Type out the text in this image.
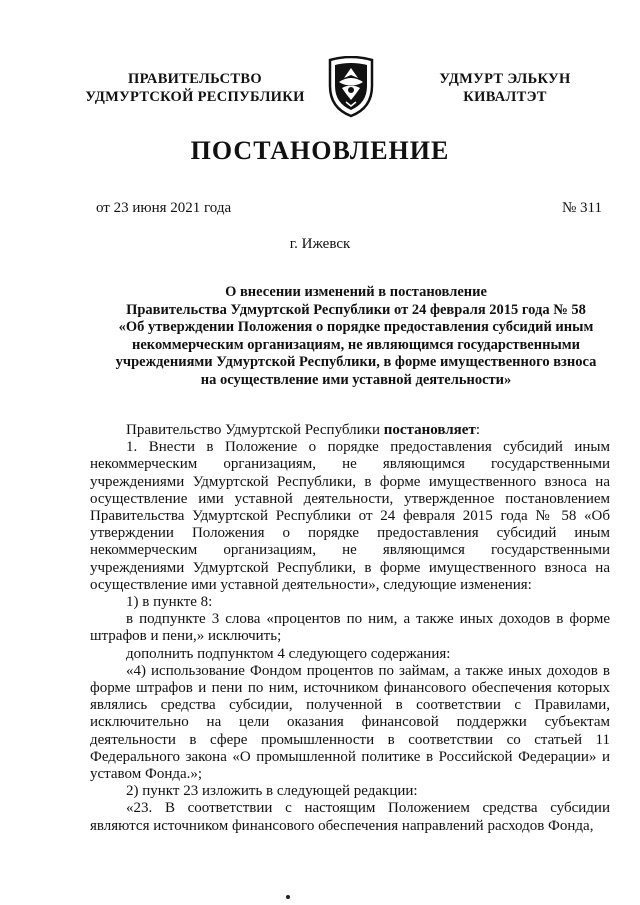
ПРАВИТЕЛЬСТВО
УДМУРТСКОЙ РЕСПУБЛИКИ
УДМУРТ ЭЛЬКУН
КИВАЛТЭТ
ПОСТАНОВЛЕНИЕ
от 23 июня 2021 года	№ 311
г. Ижевск
О внесении изменений в постановление
Правительства Удмуртской Республики от 24 февраля 2015 года № 58
«Об утверждении Положения о порядке предоставления субсидий иным
некоммерческим организациям, не являющимся государственными
учреждениями Удмуртской Республики, в форме имущественного взноса
на осуществление ими уставной деятельности»

Правительство Удмуртской Республики постановляет:

1. Внести в Положение о порядке предоставления субсидий иным некоммерческим организациям, не являющимся государственными учреждениями Удмуртской Республики, в форме имущественного взноса на осуществление ими уставной деятельности, утвержденное постановлением Правительства Удмуртской Республики от 24 февраля 2015 года № 58 «Об утверждении Положения о порядке предоставления субсидий иным некоммерческим организациям, не являющимся государственными учреждениями Удмуртской Республики, в форме имущественного взноса на осуществление ими уставной деятельности», следующие изменения:

1) в пункте 8:

в подпункте 3 слова «процентов по ним, а также иных доходов в форме штрафов и пени,» исключить;

дополнить подпунктом 4 следующего содержания:

«4) использование Фондом процентов по займам, а также иных доходов в форме штрафов и пени по ним, источником финансового обеспечения которых являлись средства субсидии, полученной в соответствии с Правилами, исключительно на цели оказания финансовой поддержки субъектам деятельности в сфере промышленности в соответствии со статьей 11 Федерального закона «О промышленной политике в Российской Федерации» и уставом Фонда.»;

2) пункт 23 изложить в следующей редакции:

«23. В соответствии с настоящим Положением средства субсидии являются источником финансового обеспечения направлений расходов Фонда,
